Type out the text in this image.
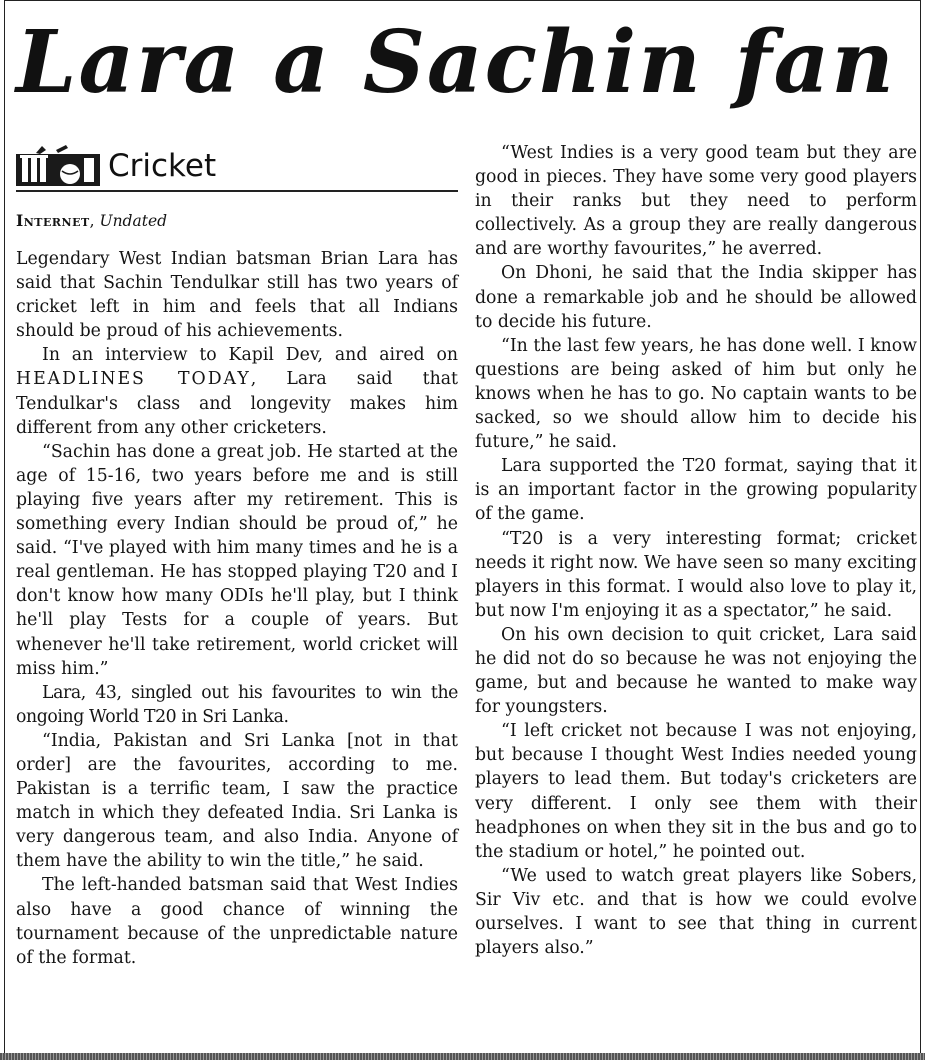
Lara a Sachin fan
Cricket
Internet, Undated

Legendary West Indian batsman Brian Lara has said that Sachin Tendulkar still has two years of cricket left in him and feels that all Indians should be proud of his achievements.

In an interview to Kapil Dev, and aired on HEADLINES TODAY, Lara said that Tendulkar's class and longevity makes him different from any other cricketers.

“Sachin has done a great job. He started at the age of 15-16, two years before me and is still playing five years after my retirement. This is something every Indian should be proud of,” he said. “I've played with him many times and he is a real gentleman. He has stopped playing T20 and I don't know how many ODIs he'll play, but I think he'll play Tests for a couple of years. But whenever he'll take retirement, world cricket will miss him.”

Lara, 43, singled out his favourites to win the ongoing World T20 in Sri Lanka.

“India, Pakistan and Sri Lanka [not in that order] are the favourites, according to me. Pakistan is a terrific team, I saw the practice match in which they defeated India. Sri Lanka is very dangerous team, and also India. Anyone of them have the ability to win the title,” he said.

The left-handed batsman said that West Indies also have a good chance of winning the tournament because of the unpredictable nature of the format.

“West Indies is a very good team but they are good in pieces. They have some very good players in their ranks but they need to perform collectively. As a group they are really dangerous and are worthy favourites,” he averred.

On Dhoni, he said that the India skipper has done a remarkable job and he should be allowed to decide his future.

“In the last few years, he has done well. I know questions are being asked of him but only he knows when he has to go. No captain wants to be sacked, so we should allow him to decide his future,” he said.

Lara supported the T20 format, saying that it is an important factor in the growing popularity of the game.

“T20 is a very interesting format; cricket needs it right now. We have seen so many exciting players in this format. I would also love to play it, but now I'm enjoying it as a spectator,” he said.

On his own decision to quit cricket, Lara said he did not do so because he was not enjoying the game, but and because he wanted to make way for youngsters.

“I left cricket not because I was not enjoying, but because I thought West Indies needed young players to lead them. But today's cricketers are very different. I only see them with their headphones on when they sit in the bus and go to the stadium or hotel,” he pointed out.

“We used to watch great players like Sobers, Sir Viv etc. and that is how we could evolve ourselves. I want to see that thing in current players also.”
